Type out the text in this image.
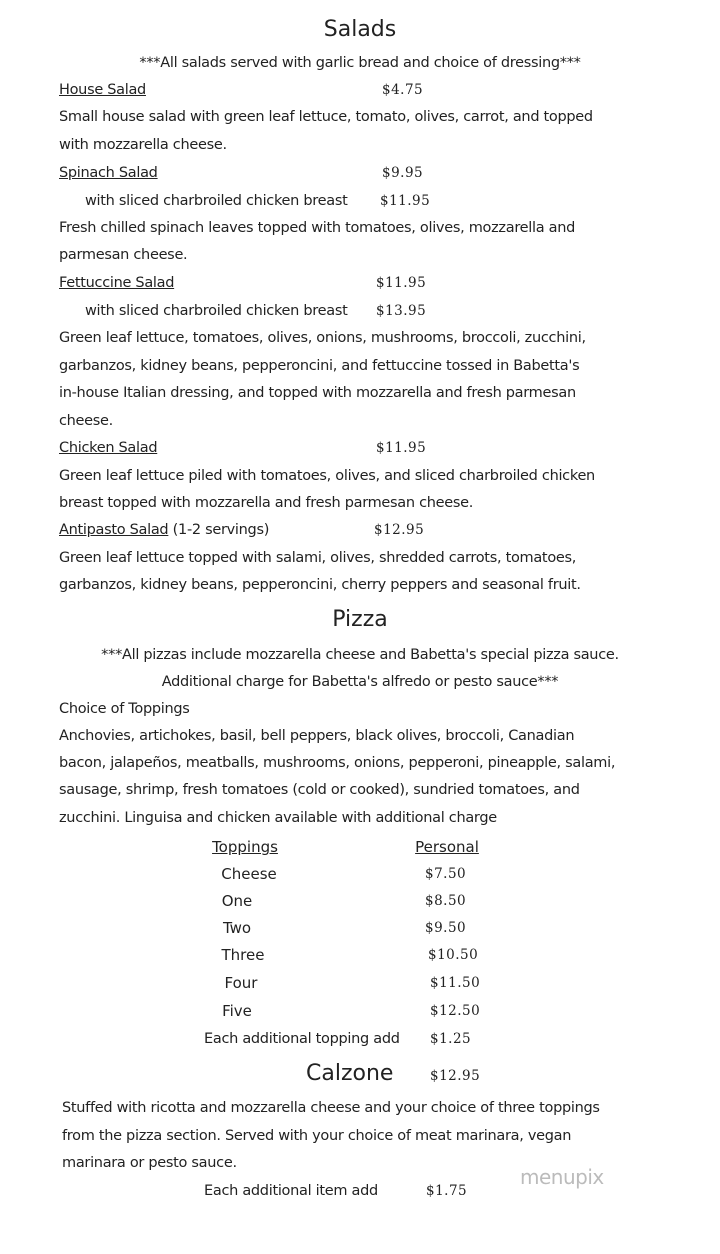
Salads
***All salads served with garlic bread and choice of dressing***
House Salad	$4.75
Small house salad with green leaf lettuce, tomato, olives, carrot, and topped
with mozzarella cheese.
Spinach Salad	$9.95
with sliced charbroiled chicken breast $11.95
Fresh chilled spinach leaves topped with tomatoes, olives, mozzarella and
parmesan cheese.
Fettuccine Salad	$11.95
with sliced charbroiled chicken breast $13.95
Green leaf lettuce, tomatoes, olives, onions, mushrooms, broccoli, zucchini,
garbanzos, kidney beans, pepperoncini, and fettuccine tossed in Babetta's
in-house Italian dressing, and topped with mozzarella and fresh parmesan
cheese.
Chicken Salad	$11.95
Green leaf lettuce piled with tomatoes, olives, and sliced charbroiled chicken
breast topped with mozzarella and fresh parmesan cheese.
Antipasto Salad (1-2 servings)	$12.95
Green leaf lettuce topped with salami, olives, shredded carrots, tomatoes,
garbanzos, kidney beans, pepperoncini, cherry peppers and seasonal fruit.
Pizza
***All pizzas include mozzarella cheese and Babetta's special pizza sauce.
Additional charge for Babetta's alfredo or pesto sauce***
Choice of Toppings
Anchovies, artichokes, basil, bell peppers, black olives, broccoli, Canadian
bacon, jalapeños, meatballs, mushrooms, onions, pepperoni, pineapple, salami,
sausage, shrimp, fresh tomatoes (cold or cooked), sundried tomatoes, and
zucchini. Linguisa and chicken available with additional charge
Toppings	Personal
Cheese	$7.50
One	$8.50
Two	$9.50
Three	$10.50
Four	$11.50
Five	$12.50
Each additional topping add $1.25
Calzone	$12.95
Stuffed with ricotta and mozzarella cheese and your choice of three toppings
from the pizza section. Served with your choice of meat marinara, vegan
marinara or pesto sauce.
Each additional item add	$1.75
menupix
